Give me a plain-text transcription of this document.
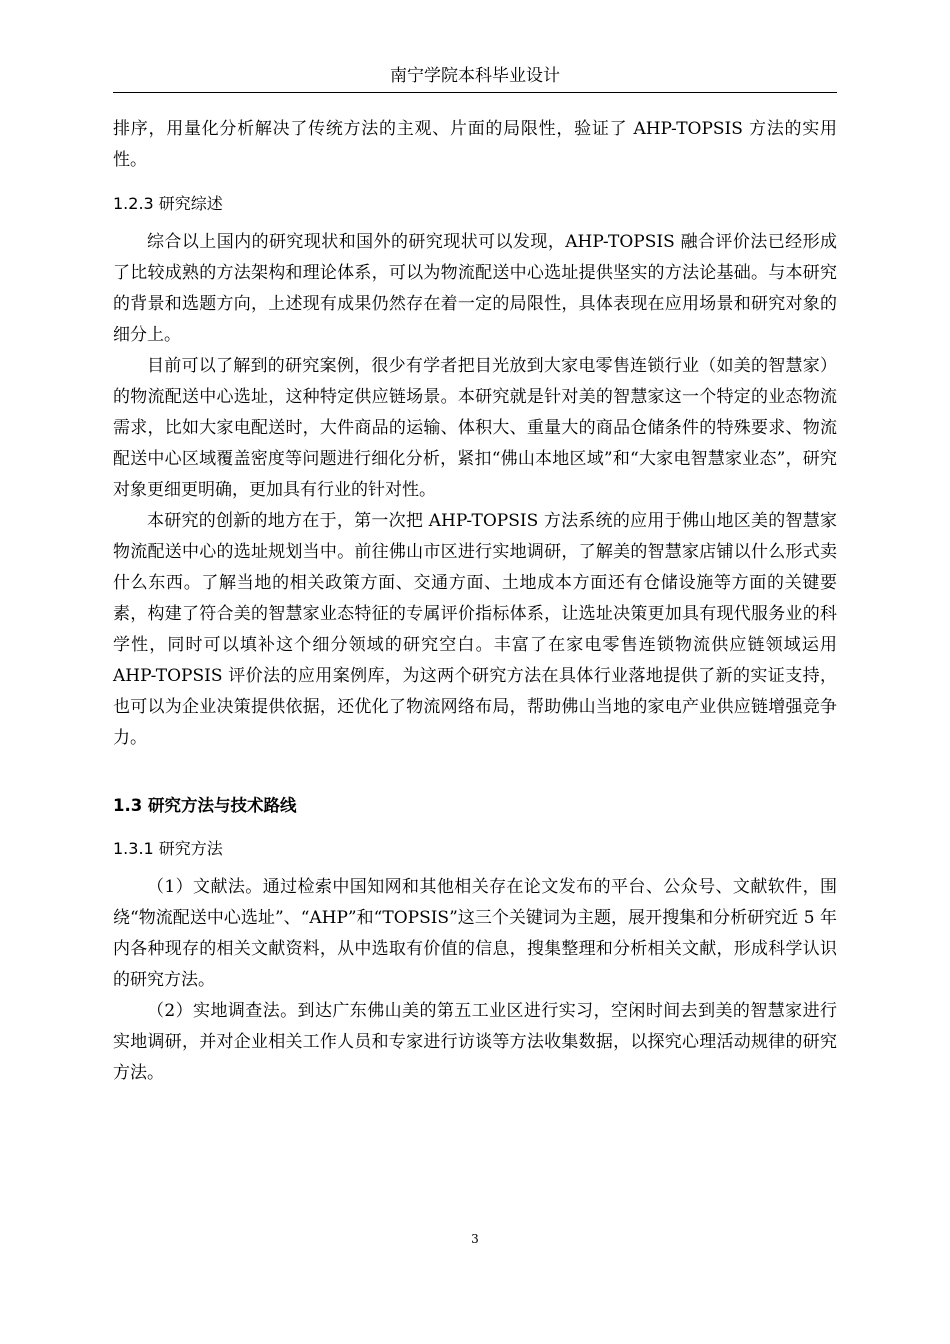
南宁学院本科毕业设计

排序，用量化分析解决了传统方法的主观、片面的局限性，验证了 AHP-TOPSIS 方法的实用性。

1.2.3 研究综述

综合以上国内的研究现状和国外的研究现状可以发现，AHP-TOPSIS 融合评价法已经形成了比较成熟的方法架构和理论体系，可以为物流配送中心选址提供坚实的方法论基础。与本研究的背景和选题方向，上述现有成果仍然存在着一定的局限性，具体表现在应用场景和研究对象的细分上。

目前可以了解到的研究案例，很少有学者把目光放到大家电零售连锁行业（如美的智慧家）的物流配送中心选址，这种特定供应链场景。本研究就是针对美的智慧家这一个特定的业态物流需求，比如大家电配送时，大件商品的运输、体积大、重量大的商品仓储条件的特殊要求、物流配送中心区域覆盖密度等问题进行细化分析，紧扣“佛山本地区域”和“大家电智慧家业态”，研究对象更细更明确，更加具有行业的针对性。

本研究的创新的地方在于，第一次把 AHP-TOPSIS 方法系统的应用于佛山地区美的智慧家物流配送中心的选址规划当中。前往佛山市区进行实地调研，了解美的智慧家店铺以什么形式卖什么东西。了解当地的相关政策方面、交通方面、土地成本方面还有仓储设施等方面的关键要素，构建了符合美的智慧家业态特征的专属评价指标体系，让选址决策更加具有现代服务业的科学性，同时可以填补这个细分领域的研究空白。丰富了在家电零售连锁物流供应链领域运用 AHP-TOPSIS 评价法的应用案例库，为这两个研究方法在具体行业落地提供了新的实证支持，也可以为企业决策提供依据，还优化了物流网络布局，帮助佛山当地的家电产业供应链增强竞争力。

1.3 研究方法与技术路线

1.3.1 研究方法

（1）文献法。通过检索中国知网和其他相关存在论文发布的平台、公众号、文献软件，围绕“物流配送中心选址”、“AHP”和“TOPSIS”这三个关键词为主题，展开搜集和分析研究近 5 年内各种现存的相关文献资料，从中选取有价值的信息，搜集整理和分析相关文献，形成科学认识的研究方法。

（2）实地调查法。到达广东佛山美的第五工业区进行实习，空闲时间去到美的智慧家进行实地调研，并对企业相关工作人员和专家进行访谈等方法收集数据，以探究心理活动规律的研究方法。

3
